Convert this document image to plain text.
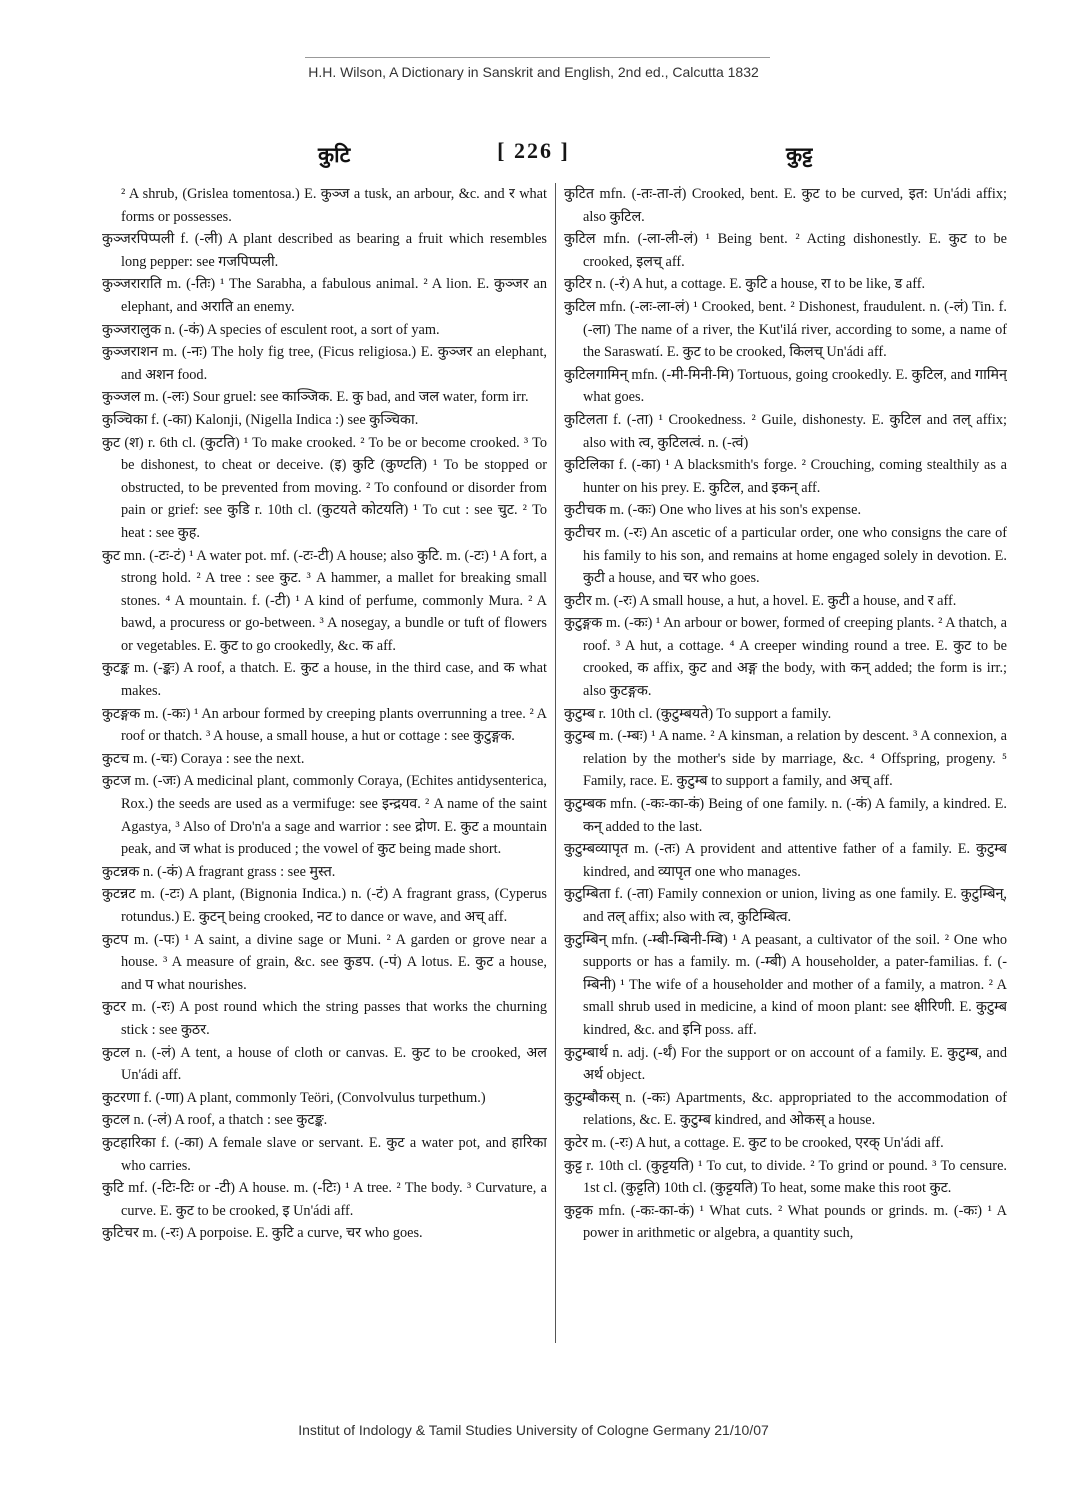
H.H. Wilson, A Dictionary in Sanskrit and English, 2nd ed., Calcutta 1832
कुटि	[ 226 ]	कुट्ट

² A shrub, (Grislea tomentosa.) E. कुञ्ज a tusk, an arbour, &c. and र what forms or possesses.

कुञ्जरपिप्पली f. (-ली) A plant described as bearing a fruit which resembles long pepper: see गजपिप्पली.

कुञ्जराराति m. (-तिः) ¹ The Sarabha, a fabulous animal. ² A lion. E. कुञ्जर an elephant, and अराति an enemy.

कुञ्जरालुक n. (-कं) A species of esculent root, a sort of yam.

कुञ्जराशन m. (-नः) The holy fig tree, (Ficus religiosa.) E. कुञ्जर an elephant, and अशन food.

कुञ्जल m. (-लः) Sour gruel: see काञ्जिक. E. कु bad, and जल water, form irr.

कुञ्चिका f. (-का) Kalonji, (Nigella Indica :) see कुञ्चिका.

कुट (श) r. 6th cl. (कुटति) ¹ To make crooked. ² To be or become crooked. ³ To be dishonest, to cheat or deceive. (इ) कुटि (कुण्टति) ¹ To be stopped or obstructed, to be prevented from moving. ² To confound or disorder from pain or grief: see कुडि r. 10th cl. (कुटयते कोटयति) ¹ To cut : see चुट. ² To heat : see कुह.

कुट mn. (-टः-टं) ¹ A water pot. mf. (-टः-टी) A house; also कुटि. m. (-टः) ¹ A fort, a strong hold. ² A tree : see कुट. ³ A hammer, a mallet for breaking small stones. ⁴ A mountain. f. (-टी) ¹ A kind of perfume, commonly Mura. ² A bawd, a procuress or go-between. ³ A nosegay, a bundle or tuft of flowers or vegetables. E. कुट to go crookedly, &c. क aff.

कुटङ्क m. (-ङ्कः) A roof, a thatch. E. कुट a house, in the third case, and क what makes.

कुटङ्गक m. (-कः) ¹ An arbour formed by creeping plants overrunning a tree. ² A roof or thatch. ³ A house, a small house, a hut or cottage : see कुटुङ्गक.

कुटच m. (-चः) Coraya : see the next.

कुटज m. (-जः) A medicinal plant, commonly Coraya, (Echites antidysenterica, Rox.) the seeds are used as a vermifuge: see इन्द्रयव. ² A name of the saint Agastya, ³ Also of Dro'n'a a sage and warrior : see द्रोण. E. कुट a mountain peak, and ज what is produced ; the vowel of कुट being made short.

कुटन्नक n. (-कं) A fragrant grass : see मुस्त.

कुटन्नट m. (-टः) A plant, (Bignonia Indica.) n. (-टं) A fragrant grass, (Cyperus rotundus.) E. कुटन् being crooked, नट to dance or wave, and अच् aff.

कुटप m. (-पः) ¹ A saint, a divine sage or Muni. ² A garden or grove near a house. ³ A measure of grain, &c. see कुडप. (-पं) A lotus. E. कुट a house, and प what nourishes.

कुटर m. (-रः) A post round which the string passes that works the churning stick : see कुठर.

कुटल n. (-लं) A tent, a house of cloth or canvas. E. कुट to be crooked, अल Un'ádi aff.

कुटरणा f. (-णा) A plant, commonly Teöri, (Convolvulus turpethum.)

कुटल n. (-लं) A roof, a thatch : see कुटङ्क.

कुटहारिका f. (-का) A female slave or servant. E. कुट a water pot, and हारिका who carries.

कुटि mf. (-टिः-टिः or -टी) A house. m. (-टिः) ¹ A tree. ² The body. ³ Curvature, a curve. E. कुट to be crooked, इ Un'ádi aff.

कुटिचर m. (-रः) A porpoise. E. कुटि a curve, चर who goes.

कुटित mfn. (-तः-ता-तं) Crooked, bent. E. कुट to be curved, इत: Un'ádi affix; also कुटिल.

कुटिल mfn. (-ला-ली-लं) ¹ Being bent. ² Acting dishonestly. E. कुट to be crooked, इलच् aff.

कुटिर n. (-रं) A hut, a cottage. E. कुटि a house, रा to be like, ड aff.

कुटिल mfn. (-लः-ला-लं) ¹ Crooked, bent. ² Dishonest, fraudulent. n. (-लं) Tin. f. (-ला) The name of a river, the Kut'ilá river, according to some, a name of the Saraswatí. E. कुट to be crooked, किलच् Un'ádi aff.

कुटिलगामिन् mfn. (-मी-मिनी-मि) Tortuous, going crookedly. E. कुटिल, and गामिन् what goes.

कुटिलता f. (-ता) ¹ Crookedness. ² Guile, dishonesty. E. कुटिल and तल् affix; also with त्व, कुटिलत्वं. n. (-त्वं)

कुटिलिका f. (-का) ¹ A blacksmith's forge. ² Crouching, coming stealthily as a hunter on his prey. E. कुटिल, and इकन् aff.

कुटीचक m. (-कः) One who lives at his son's expense.

कुटीचर m. (-रः) An ascetic of a particular order, one who consigns the care of his family to his son, and remains at home engaged solely in devotion. E. कुटी a house, and चर who goes.

कुटीर m. (-रः) A small house, a hut, a hovel. E. कुटी a house, and र aff.

कुटुङ्गक m. (-कः) ¹ An arbour or bower, formed of creeping plants. ² A thatch, a roof. ³ A hut, a cottage. ⁴ A creeper winding round a tree. E. कुट to be crooked, क affix, कुट and अङ्ग the body, with कन् added; the form is irr.; also कुटङ्गक.

कुटुम्ब r. 10th cl. (कुटुम्बयते) To support a family.

कुटुम्ब m. (-म्बः) ¹ A name. ² A kinsman, a relation by descent. ³ A connexion, a relation by the mother's side by marriage, &c. ⁴ Offspring, progeny. ⁵ Family, race. E. कुटुम्ब to support a family, and अच् aff.

कुटुम्बक mfn. (-कः-का-कं) Being of one family. n. (-कं) A family, a kindred. E. कन् added to the last.

कुटुम्बव्यापृत m. (-तः) A provident and attentive father of a family. E. कुटुम्ब kindred, and व्यापृत one who manages.

कुटुम्बिता f. (-ता) Family connexion or union, living as one family. E. कुटुम्बिन्, and तल् affix; also with त्व, कुटिम्बित्व.

कुटुम्बिन् mfn. (-म्बी-म्बिनी-म्बि) ¹ A peasant, a cultivator of the soil. ² One who supports or has a family. m. (-म्बी) A householder, a pater-familias. f. (-म्बिनी) ¹ The wife of a householder and mother of a family, a matron. ² A small shrub used in medicine, a kind of moon plant: see क्षीरिणी. E. कुटुम्ब kindred, &c. and इनि poss. aff.

कुटुम्बार्थ n. adj. (-र्थं) For the support or on account of a family. E. कुटुम्ब, and अर्थ object.

कुटुम्बौकस् n. (-कः) Apartments, &c. appropriated to the accommodation of relations, &c. E. कुटुम्ब kindred, and ओकस् a house.

कुटेर m. (-रः) A hut, a cottage. E. कुट to be crooked, एरक् Un'ádi aff.

कुट्ट r. 10th cl. (कुट्टयति) ¹ To cut, to divide. ² To grind or pound. ³ To censure. 1st cl. (कुट्टति) 10th cl. (कुट्टयति) To heat, some make this root कुट.

कुट्टक mfn. (-कः-का-कं) ¹ What cuts. ² What pounds or grinds. m. (-कः) ¹ A power in arithmetic or algebra, a quantity such,

Institut of Indology & Tamil Studies University of Cologne Germany 21/10/07
